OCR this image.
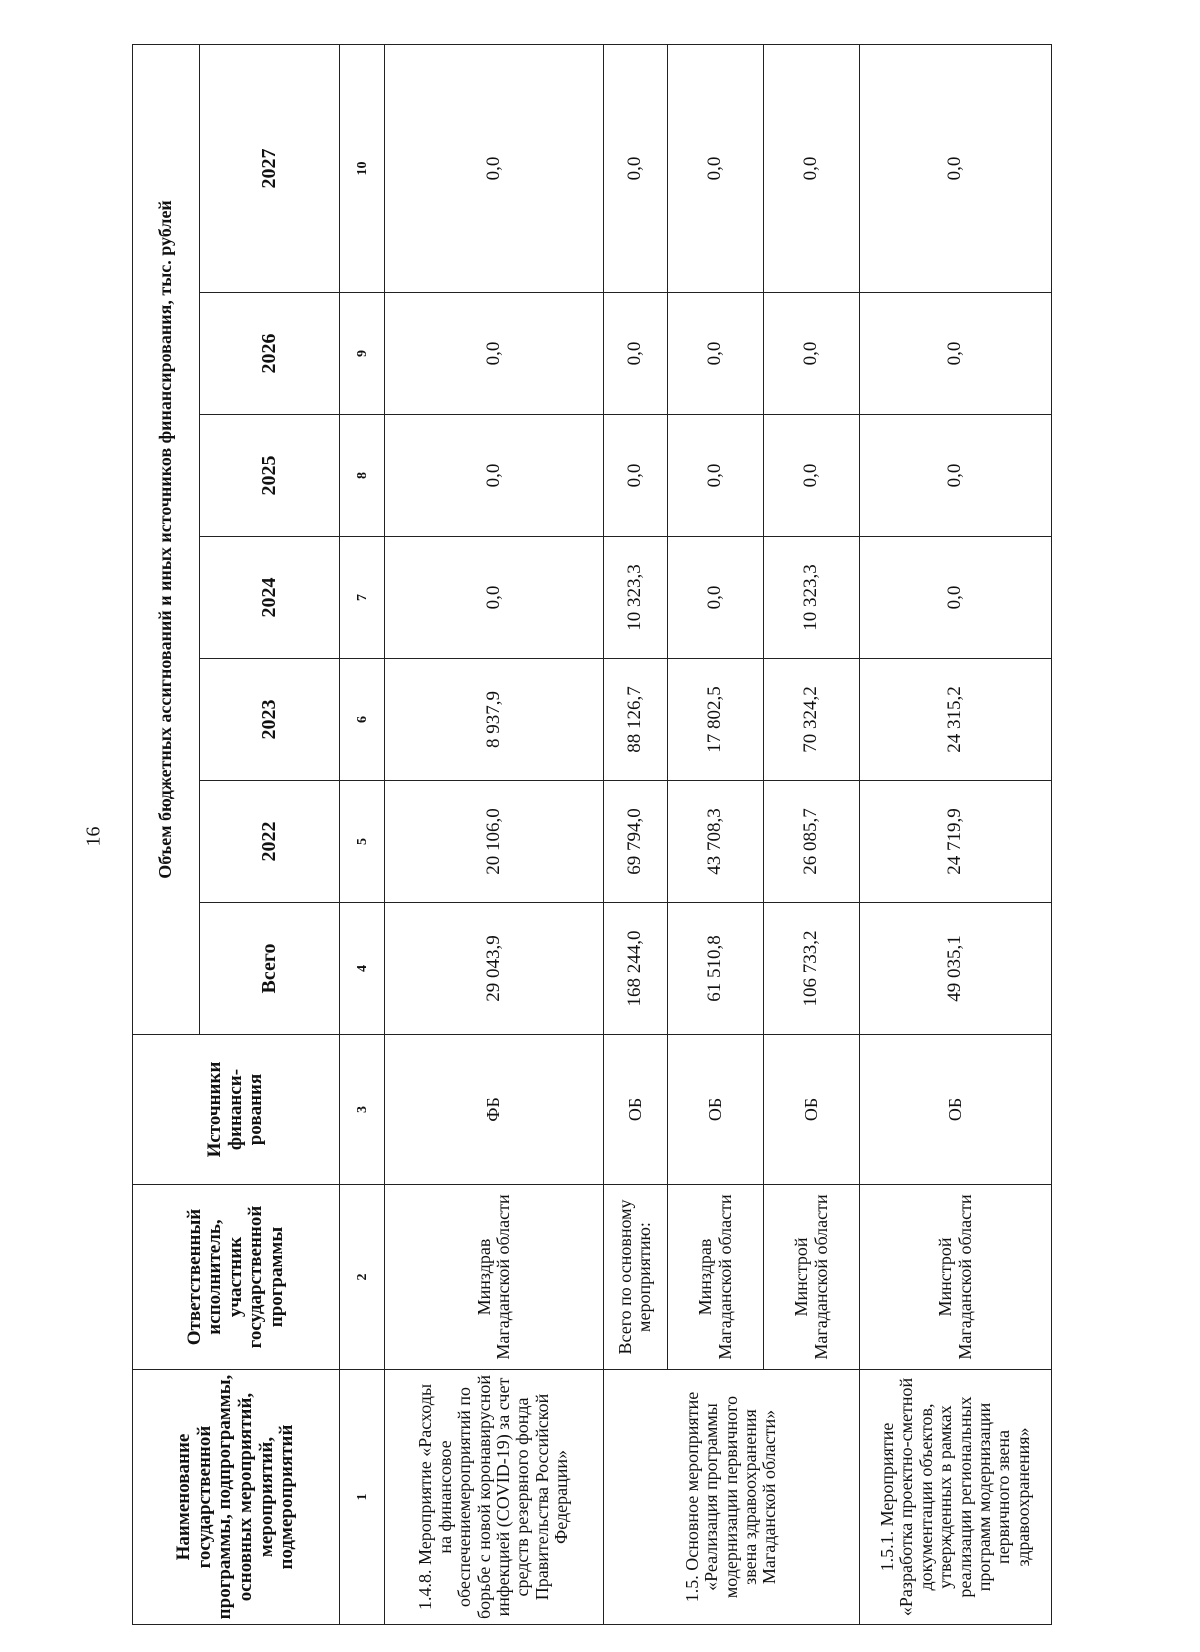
16
Наименование государственной программы, подпрограммы, основных мероприятий, мероприятий, подмероприятий	Ответственный исполнитель, участник государственной программы	Источники финанси-рования	Объем бюджетных ассигнований и иных источников финансирования, тыс. рублей						
			Всего	2022	2023	2024	2025	2026	2027
1	2	3	4	5	6	7	8	9	10
1.4.8. Мероприятие «Расходы на финансовое обеспечениемероприятий по борьбе с новой коронавирусной инфекцией (COVID-19) за счет средств резервного фонда Правительства Российской Федерации»	Минздрав Магаданской области	ФБ	29 043,9	20 106,0	8 937,9	0,0	0,0	0,0	0,0
1.5. Основное мероприятие «Реализация программы модернизации первичного звена здравоохранения Магаданской области»	Всего по основному мероприятию:	ОБ	168 244,0	69 794,0	88 126,7	10 323,3	0,0	0,0	0,0
	Минздрав Магаданской области	ОБ	61 510,8	43 708,3	17 802,5	0,0	0,0	0,0	0,0
	Минстрой Магаданской области	ОБ	106 733,2	26 085,7	70 324,2	10 323,3	0,0	0,0	0,0
1.5.1. Мероприятие «Разработка проектно-сметной документации объектов, утвержденных в рамках реализации региональных программ модернизации первичного звена здравоохранения»	Минстрой Магаданской области	ОБ	49 035,1	24 719,9	24 315,2	0,0	0,0	0,0	0,0
